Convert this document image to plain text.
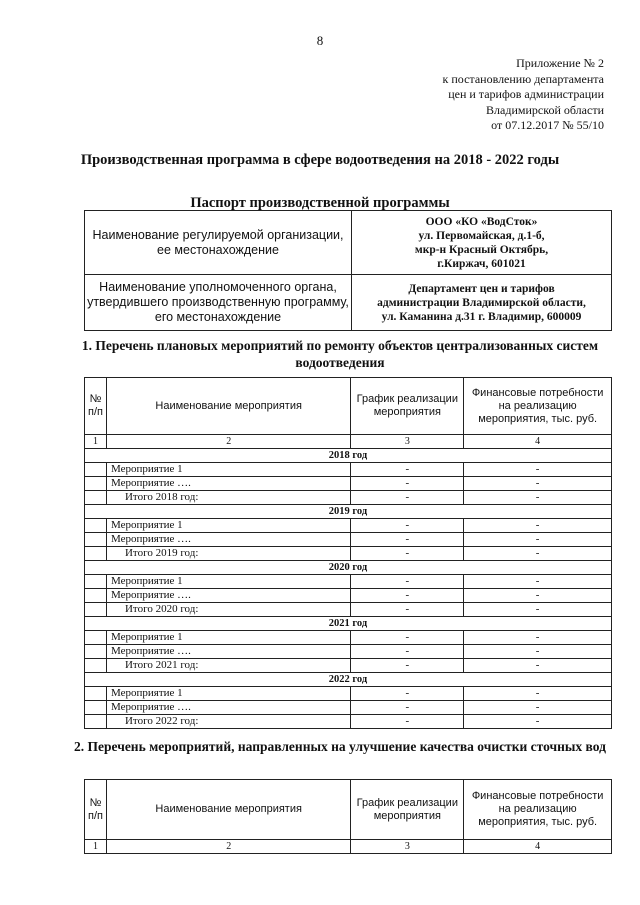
8
Приложение № 2
к постановлению департамента
цен и тарифов администрации
Владимирской области
от 07.12.2017 № 55/10
Производственная программа в сфере водоотведения на 2018 - 2022 годы
Паспорт производственной программы
Наименование регулируемой организации, ее местонахождение	ООО «КО «ВодСток»
ул. Первомайская, д.1-б,
мкр-н Красный Октябрь,
г.Киржач, 601021

Наименование уполномоченного органа, утвердившего производственную программу, его местонахождение	Департамент цен и тарифов
администрации Владимирской области,
ул. Каманина д.31 г. Владимир, 600009
1. Перечень плановых мероприятий по ремонту объектов централизованных систем водоотведения
№ п/п	Наименование мероприятия	График реализации мероприятия	Финансовые потребности на реализацию мероприятия, тыс. руб.
1	2	3	4
2018 год			
	Мероприятие 1	-	-
	Мероприятие ….	-	-
	Итого 2018 год:	-	-
2019 год			
	Мероприятие 1	-	-
	Мероприятие ….	-	-
	Итого 2019 год:	-	-
2020 год			
	Мероприятие 1	-	-
	Мероприятие ….	-	-
	Итого 2020 год:	-	-
2021 год			
	Мероприятие 1	-	-
	Мероприятие ….	-	-
	Итого 2021 год:	-	-
2022 год			
	Мероприятие 1	-	-
	Мероприятие ….	-	-
	Итого 2022 год:	-	-
2. Перечень мероприятий, направленных на улучшение качества очистки сточных вод
№ п/п	Наименование мероприятия	График реализации мероприятия	Финансовые потребности на реализацию мероприятия, тыс. руб.
1	2	3	4
